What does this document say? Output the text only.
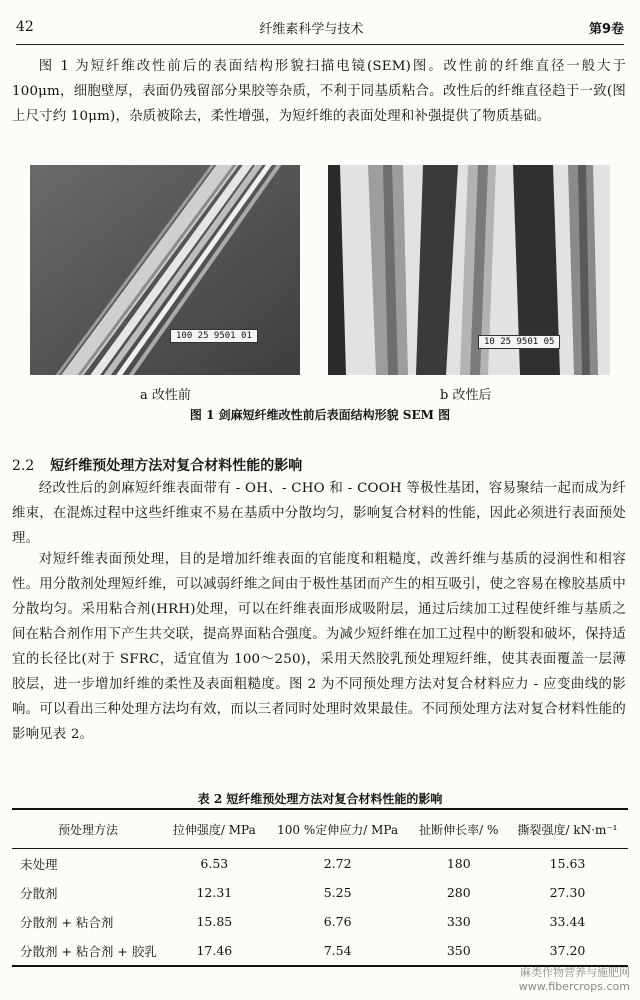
42	纤维素科学与技术	第9卷

图 1 为短纤维改性前后的表面结构形貌扫描电镜(SEM)图。改性前的纤维直径一般大于 100μm，细胞壁厚，表面仍残留部分果胶等杂质，不利于同基质粘合。改性后的纤维直径趋于一致(图上尺寸约 10μm)，杂质被除去，柔性增强，为短纤维的表面处理和补强提供了物质基础。

100 25 9501 01
10 25 9501 05
a 改性前	b 改性后
图 1 剑麻短纤维改性前后表面结构形貌 SEM 图
2.2 短纤维预处理方法对复合材料性能的影响

经改性后的剑麻短纤维表面带有 - OH、- CHO 和 - COOH 等极性基团，容易聚结一起而成为纤维束，在混炼过程中这些纤维束不易在基质中分散均匀，影响复合材料的性能，因此必须进行表面预处理。

对短纤维表面预处理，目的是增加纤维表面的官能度和粗糙度，改善纤维与基质的浸润性和相容性。用分散剂处理短纤维，可以减弱纤维之间由于极性基团而产生的相互吸引，使之容易在橡胶基质中分散均匀。采用粘合剂(HRH)处理，可以在纤维表面形成吸附层，通过后续加工过程使纤维与基质之间在粘合剂作用下产生共交联，提高界面粘合强度。为减少短纤维在加工过程中的断裂和破坏，保持适宜的长径比(对于 SFRC，适宜值为 100～250)，采用天然胶乳预处理短纤维，使其表面覆盖一层薄胶层，进一步增加纤维的柔性及表面粗糙度。图 2 为不同预处理方法对复合材料应力 - 应变曲线的影响。可以看出三种处理方法均有效，而以三者同时处理时效果最佳。不同预处理方法对复合材料性能的影响见表 2。

表 2 短纤维预处理方法对复合材料性能的影响
预处理方法	拉伸强度/ MPa	100 %定伸应力/ MPa	扯断伸长率/ %	撕裂强度/ kN·m⁻¹
未处理	6.53	2.72	180	15.63
分散剂	12.31	5.25	280	27.30
分散剂 + 粘合剂	15.85	6.76	330	33.44
分散剂 + 粘合剂 + 胶乳	17.46	7.54	350	37.20
麻类作物营养与施肥网
www.fibercrops.com
